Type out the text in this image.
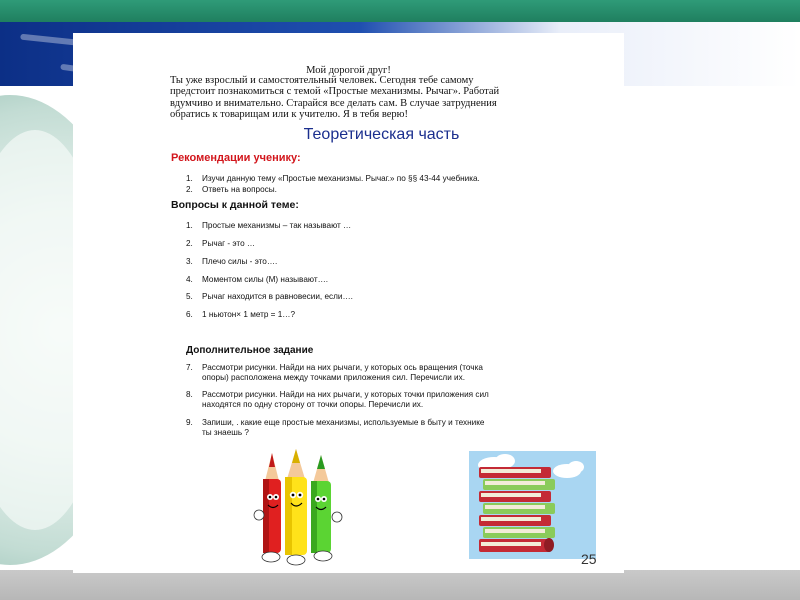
Мой дорогой друг!
Ты уже взрослый и самостоятельный человек. Сегодня тебе самому
предстоит познакомиться с темой «Простые механизмы. Рычаг». Работай
вдумчиво и внимательно. Старайся все делать сам. В случае затруднения
обратись к товарищам или к учителю. Я в тебя верю!
Теоретическая часть
Рекомендации ученику:
1. Изучи данную тему «Простые механизмы. Рычаг.» по §§ 43-44 учебника.
2. Ответь на вопросы.
Вопросы к данной теме:
1. Простые механизмы – так называют …
2. Рычаг - это …
3. Плечо силы - это….
4. Моментом силы (М) называют….
5. Рычаг находится в равновесии, если….
6. 1 ньютон× 1 метр = 1…?
Дополнительное задание
7. Рассмотри рисунки. Найди на них рычаги, у которых ось вращения (точка
опоры) расположена между точками приложения сил. Перечисли их.
8. Рассмотри рисунки. Найди на них рычаги, у которых точки приложения сил
находятся по одну сторону от точки опоры. Перечисли их.
9. Запиши, . какие еще простые механизмы, используемые в быту и технике
ты знаешь ?
25
